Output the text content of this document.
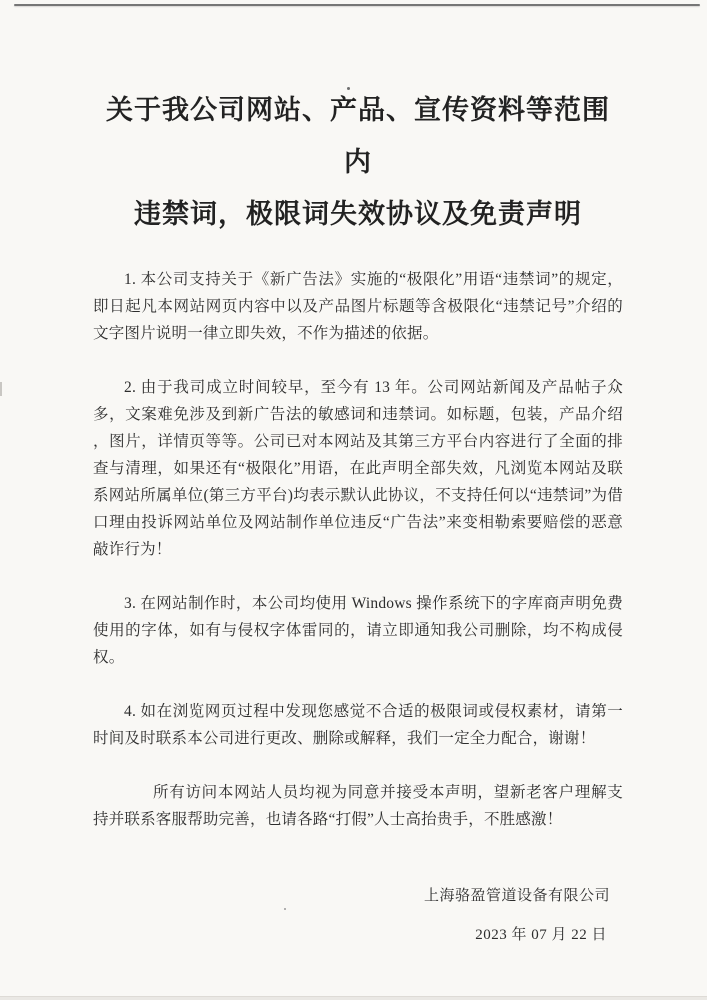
关于我公司网站、产品、宣传资料等范围内
违禁词，极限词失效协议及免责声明

1. 本公司支持关于《新广告法》实施的“极限化”用语“违禁词”的规定，即日起凡本网站网页内容中以及产品图片标题等含极限化“违禁记号”介绍的文字图片说明一律立即失效，不作为描述的依据。

2. 由于我司成立时间较早，至今有 13 年。公司网站新闻及产品帖子众多，文案难免涉及到新广告法的敏感词和违禁词。如标题，包装，产品介绍 ，图片，详情页等等。公司已对本网站及其第三方平台内容进行了全面的排查与清理，如果还有“极限化”用语，在此声明全部失效，凡浏览本网站及联系网站所属单位(第三方平台)均表示默认此协议，不支持任何以“违禁词”为借口理由投诉网站单位及网站制作单位违反“广告法”来变相勒索要赔偿的恶意敲诈行为！

3. 在网站制作时，本公司均使用 Windows 操作系统下的字库商声明免费使用的字体，如有与侵权字体雷同的，请立即通知我公司删除，均不构成侵权。

4. 如在浏览网页过程中发现您感觉不合适的极限词或侵权素材，请第一时间及时联系本公司进行更改、删除或解释，我们一定全力配合，谢谢！

所有访问本网站人员均视为同意并接受本声明，望新老客户理解支持并联系客服帮助完善，也请各路“打假”人士高抬贵手，不胜感激！

上海骆盈管道设备有限公司
2023 年 07 月 22 日
